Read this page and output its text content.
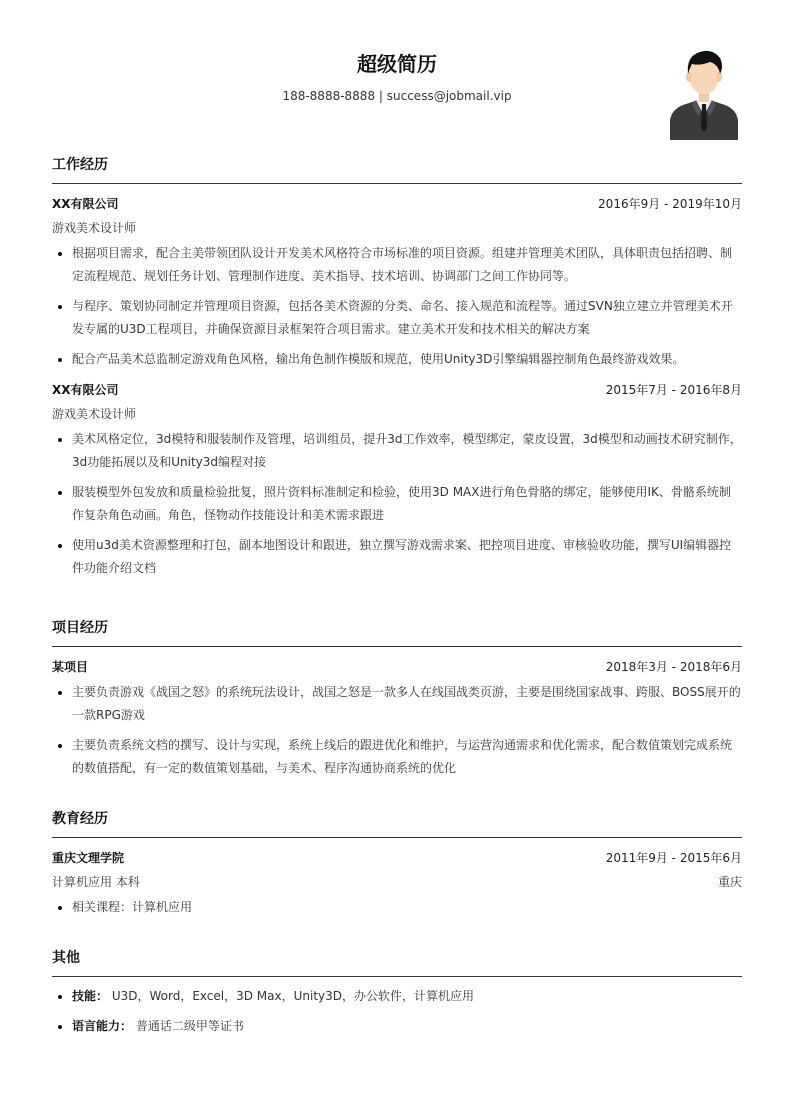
超级简历
188-8888-8888 | success@jobmail.vip
工作经历
XX有限公司	2016年9月 - 2019年10月
游戏美术设计师
• 根据项目需求，配合主美带领团队设计开发美术风格符合市场标准的项目资源。组建并管理美术团队，具体职责包括招聘、制定流程规范、规划任务计划、管理制作进度、美术指导、技术培训、协调部门之间工作协同等。
• 与程序、策划协同制定并管理项目资源，包括各美术资源的分类、命名、接入规范和流程等。通过SVN独立建立并管理美术开发专属的U3D工程项目，并确保资源目录框架符合项目需求。建立美术开发和技术相关的解决方案
• 配合产品美术总监制定游戏角色风格，输出角色制作模版和规范，使用Unity3D引擎编辑器控制角色最终游戏效果。
XX有限公司	2015年7月 - 2016年8月
游戏美术设计师
• 美术风格定位，3d模特和服装制作及管理，培训组员，提升3d工作效率，模型绑定，蒙皮设置，3d模型和动画技术研究制作，3d功能拓展以及和Unity3d编程对接
• 服装模型外包发放和质量检验批复，照片资料标准制定和检验，使用3D MAX进行角色骨胳的绑定，能够使用IK、骨骼系统制作复杂角色动画。角色，怪物动作技能设计和美术需求跟进
• 使用u3d美术资源整理和打包，副本地图设计和跟进，独立撰写游戏需求案、把控项目进度、审核验收功能，撰写UI编辑器控件功能介绍文档
项目经历
某项目	2018年3月 - 2018年6月
• 主要负责游戏《战国之怒》的系统玩法设计，战国之怒是一款多人在线国战类页游，主要是围绕国家战事、跨服、BOSS展开的一款RPG游戏
• 主要负责系统文档的撰写、设计与实现，系统上线后的跟进优化和维护，与运营沟通需求和优化需求，配合数值策划完成系统的数值搭配，有一定的数值策划基础，与美术、程序沟通协商系统的优化
教育经历
重庆文理学院	2011年9月 - 2015年6月
计算机应用 本科	重庆
• 相关课程：计算机应用
其他
• 技能： U3D，Word，Excel，3D Max，Unity3D，办公软件，计算机应用
• 语言能力： 普通话二级甲等证书
